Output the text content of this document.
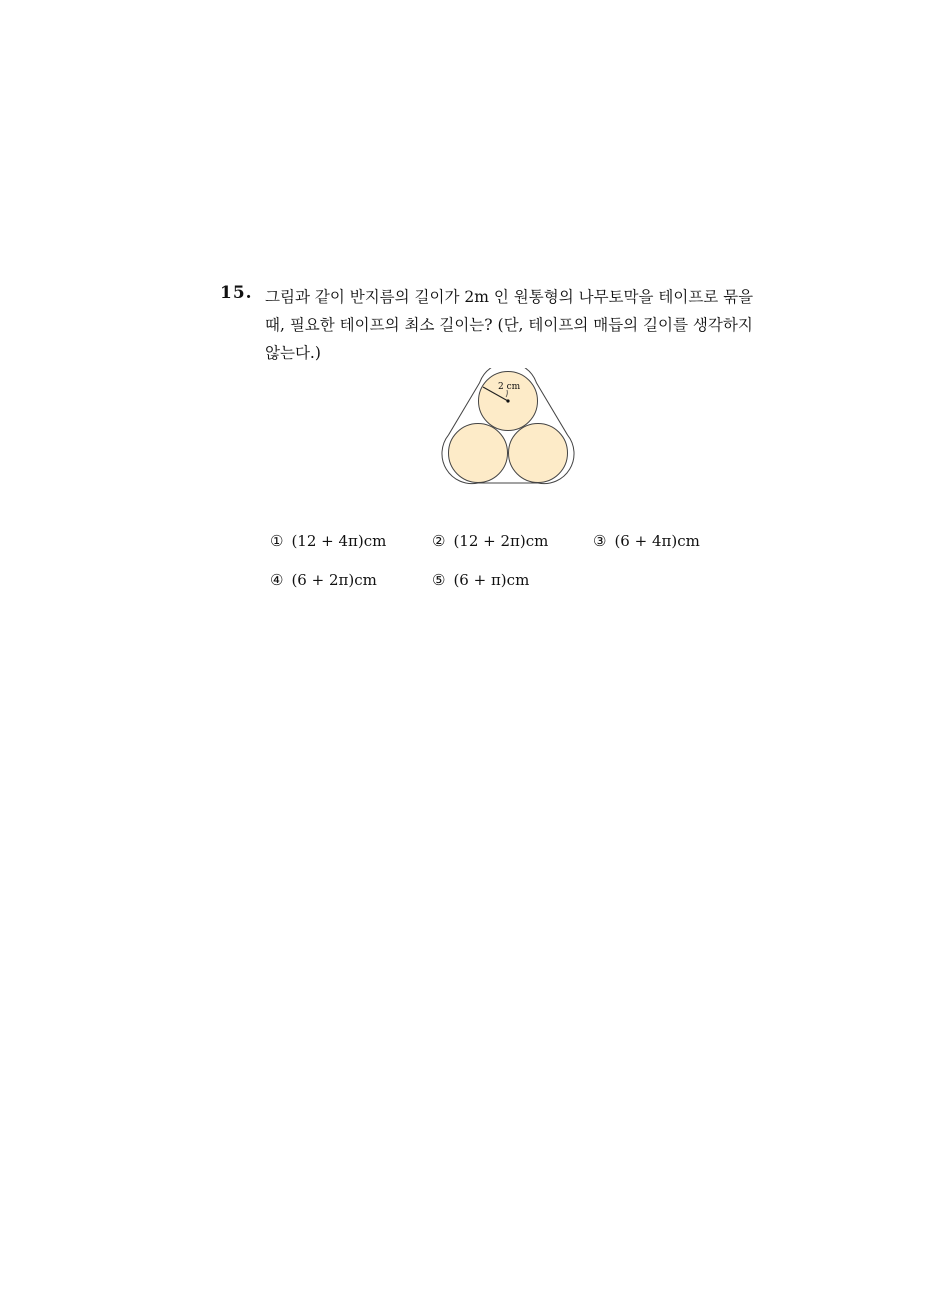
15. 그림과 같이 반지름의 길이가 2m 인 원통형의 나무토막을 테이프로 묶을
때, 필요한 테이프의 최소 길이는? (단, 테이프의 매듭의 길이를 생각하지
않는다.)
2 cm
① (12 + 4π)cm	② (12 + 2π)cm	③ (6 + 4π)cm
④ (6 + 2π)cm	⑤ (6 + π)cm
